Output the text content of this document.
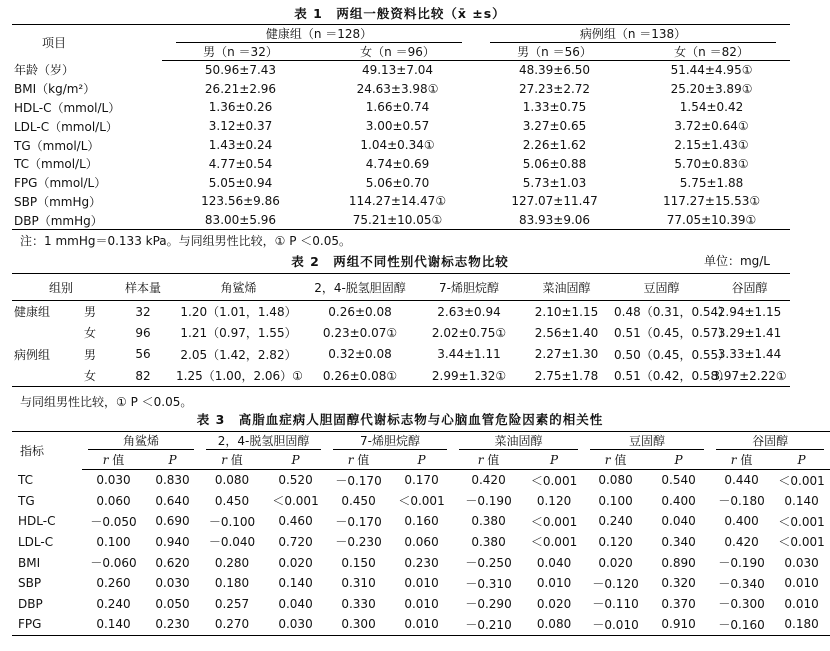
表 1　两组一般资料比较（x̄ ±s）
项目	健康组（n ＝128）		病例组（n ＝138）	

	男（n ＝32）	女（n ＝96）	男（n ＝56）	女（n ＝82）
年龄（岁）	50.96±7.43	49.13±7.04	48.39±6.50	51.44±4.95①
BMI（kg/m²）	26.21±2.96	24.63±3.98①	27.23±2.72	25.20±3.89①
HDL-C（mmol/L）	1.36±0.26	1.66±0.74	1.33±0.75	1.54±0.42
LDL-C（mmol/L）	3.12±0.37	3.00±0.57	3.27±0.65	3.72±0.64①
TG（mmol/L）	1.43±0.24	1.04±0.34①	2.26±1.62	2.15±1.43①
TC（mmol/L）	4.77±0.54	4.74±0.69	5.06±0.88	5.70±0.83①
FPG（mmol/L）	5.05±0.94	5.06±0.70	5.73±1.03	5.75±1.88
SBP（mmHg）	123.56±9.86	114.27±14.47①	127.07±11.47	117.27±15.53①
DBP（mmHg）	83.00±5.96	75.21±10.05①	83.93±9.06	77.05±10.39①
注：1 mmHg＝0.133 kPa。与同组男性比较，① P ＜0.05。
表 2　两组不同性别代谢标志物比较	单位：mg/L
组别		样本量	角鲨烯	2，4-脱氢胆固醇	7-烯胆烷醇	菜油固醇	豆固醇	谷固醇
健康组	男	32	1.20（1.01，1.48）	0.26±0.08	2.63±0.94	2.10±1.15	0.48（0.31，0.54）	2.94±1.15
	女	96	1.21（0.97，1.55）	0.23±0.07①	2.02±0.75①	2.56±1.40	0.51（0.45，0.57）	3.29±1.41
病例组	男	56	2.05（1.42，2.82）	0.32±0.08	3.44±1.11	2.27±1.30	0.50（0.45，0.55）	3.33±1.44
	女	82	1.25（1.00，2.06）①	0.26±0.08①	2.99±1.32①	2.75±1.78	0.51（0.42，0.58）	3.97±2.22①
与同组男性比较，① P ＜0.05。
表 3　高脂血症病人胆固醇代谢标志物与心脑血管危险因素的相关性
指标	角鲨烯		2，4-脱氢胆固醇		7-烯胆烷醇		菜油固醇		豆固醇		谷固醇	

	r 值	P	r 值	P	r 值	P	r 值	P	r 值	P	r 值	P
TC	0.030	0.830	0.080	0.520	－0.170	0.170	0.420	＜0.001	0.080	0.540	0.440	＜0.001
TG	0.060	0.640	0.450	＜0.001	0.450	＜0.001	－0.190	0.120	0.100	0.400	－0.180	0.140
HDL-C	－0.050	0.690	－0.100	0.460	－0.170	0.160	0.380	＜0.001	0.240	0.040	0.400	＜0.001
LDL-C	0.100	0.940	－0.040	0.720	－0.230	0.060	0.380	＜0.001	0.120	0.340	0.420	＜0.001
BMI	－0.060	0.620	0.280	0.020	0.150	0.230	－0.250	0.040	0.020	0.890	－0.190	0.030
SBP	0.260	0.030	0.180	0.140	0.310	0.010	－0.310	0.010	－0.120	0.320	－0.340	0.010
DBP	0.240	0.050	0.257	0.040	0.330	0.010	－0.290	0.020	－0.110	0.370	－0.300	0.010
FPG	0.140	0.230	0.270	0.030	0.300	0.010	－0.210	0.080	－0.010	0.910	－0.160	0.180
